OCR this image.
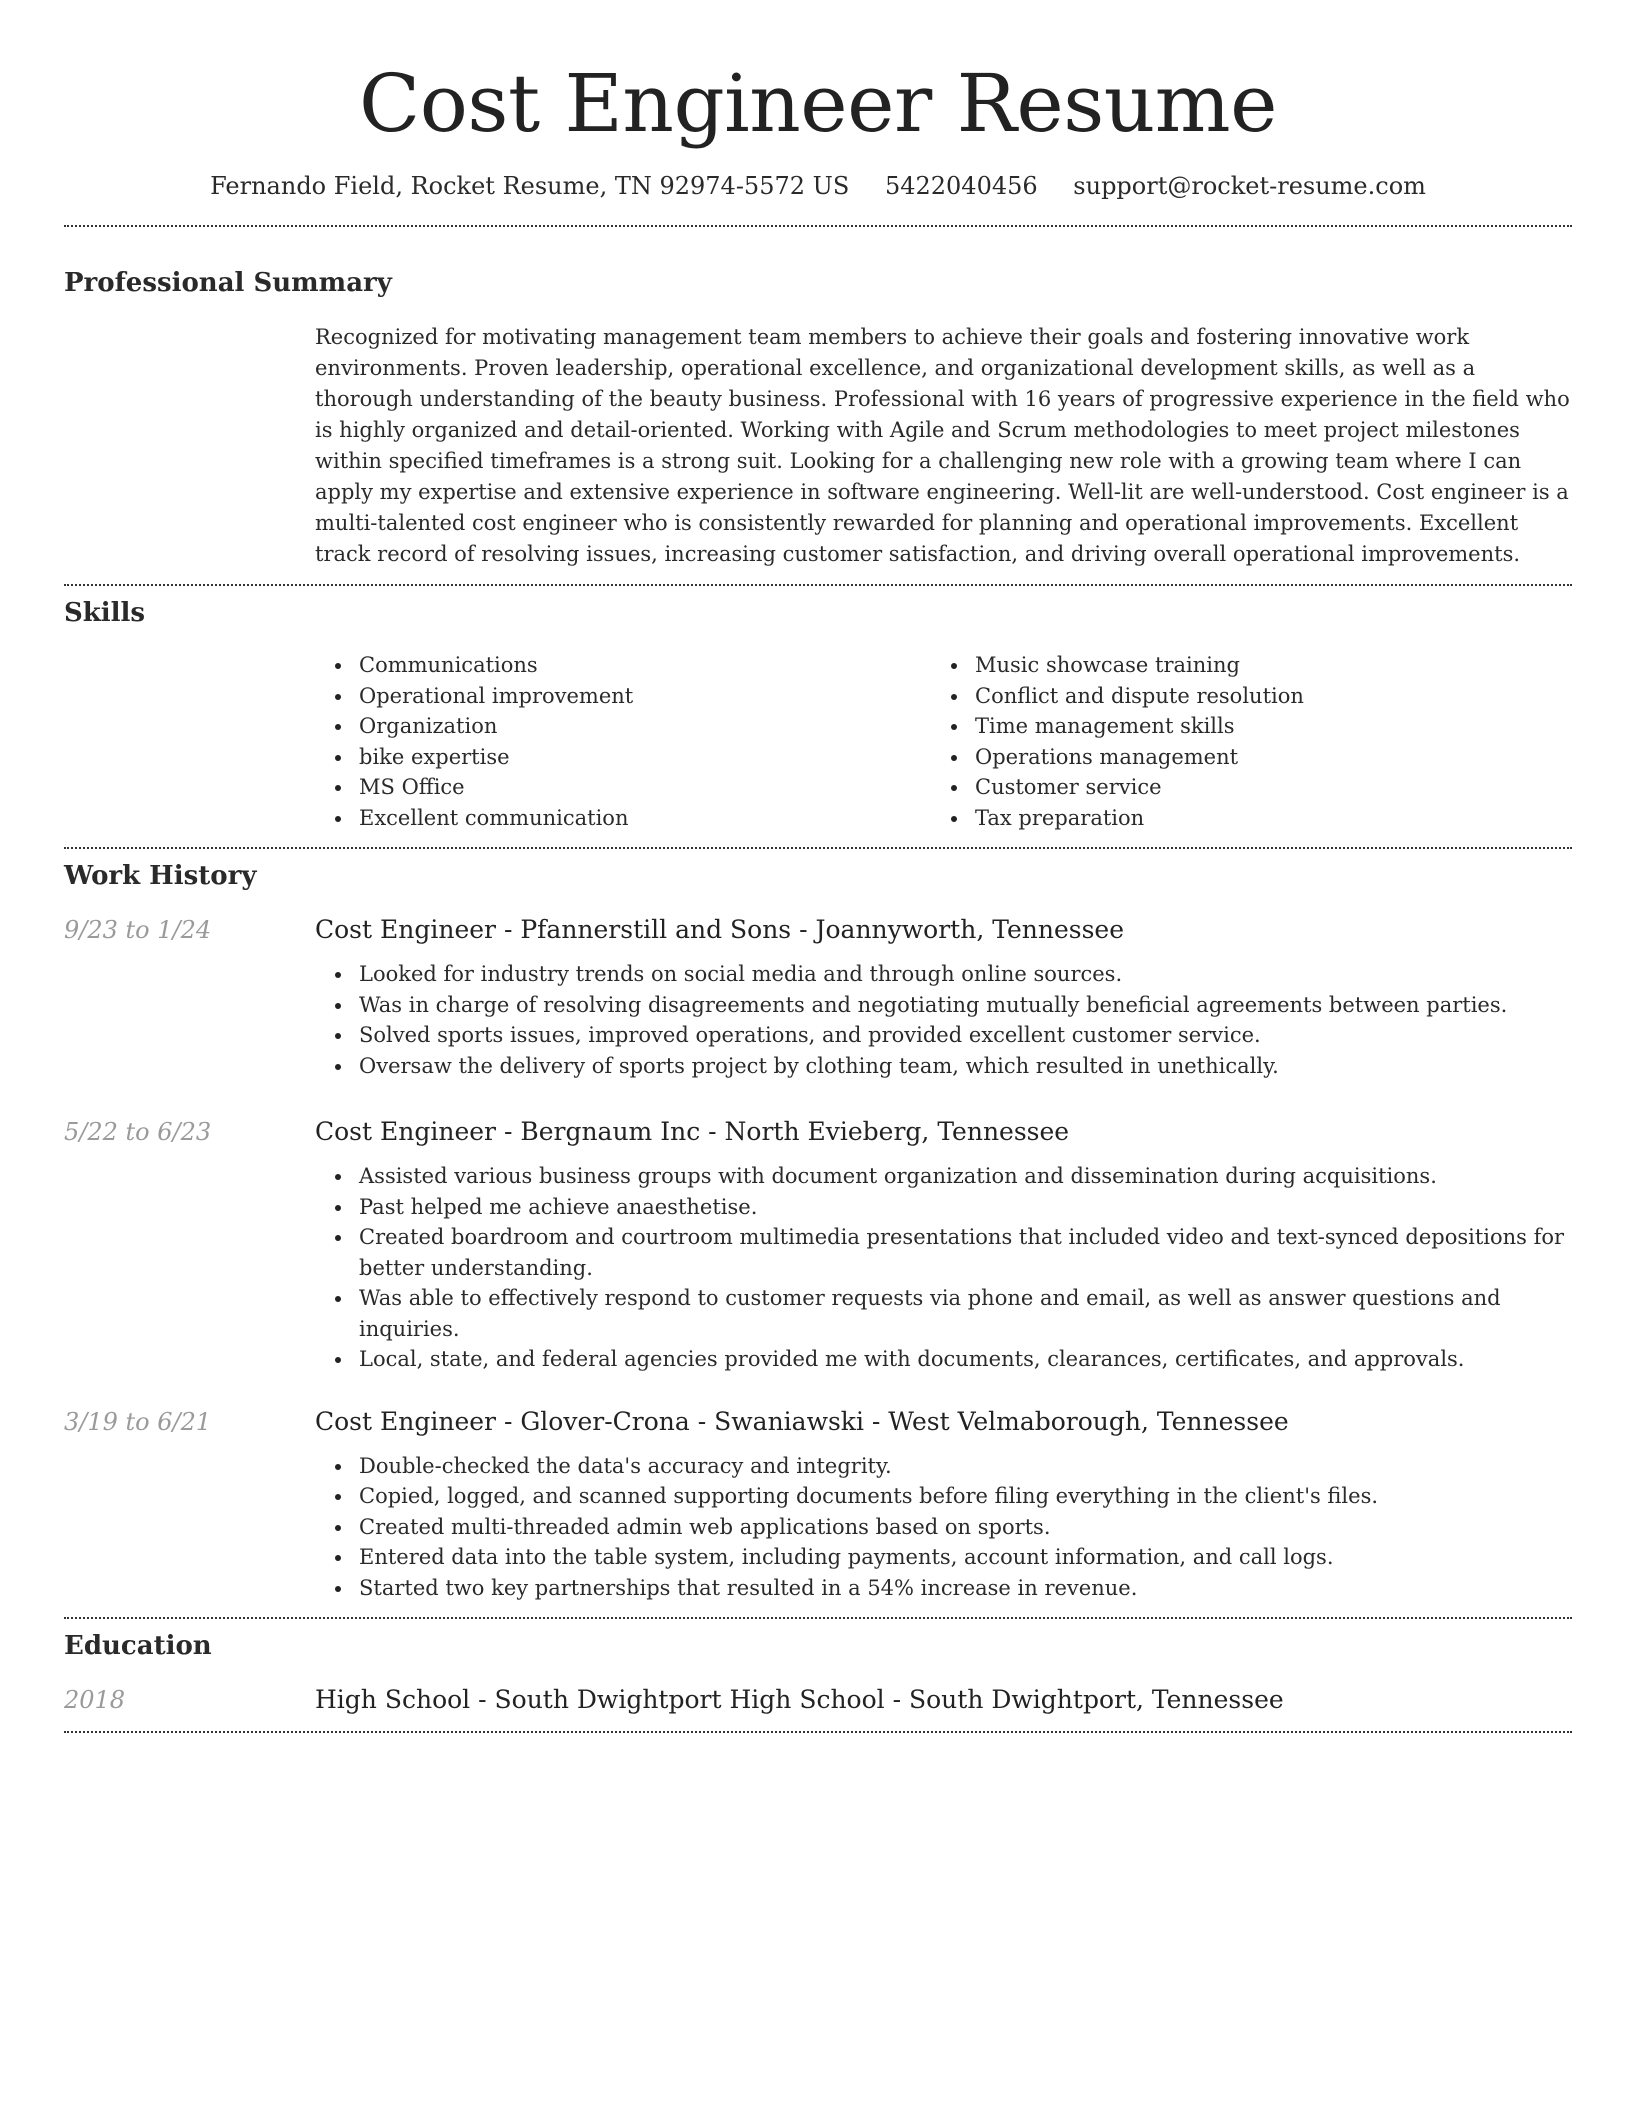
Cost Engineer Resume
Fernando Field, Rocket Resume, TN 92974-5572 US 5422040456 support@rocket-resume.com
Professional Summary
Recognized for motivating management team members to achieve their goals and fostering innovative work environments. Proven leadership, operational excellence, and organizational development skills, as well as a thorough understanding of the beauty business. Professional with 16 years of progressive experience in the field who is highly organized and detail-oriented. Working with Agile and Scrum methodologies to meet project milestones within specified timeframes is a strong suit. Looking for a challenging new role with a growing team where I can apply my expertise and extensive experience in software engineering. Well-lit are well-understood. Cost engineer is a multi-talented cost engineer who is consistently rewarded for planning and operational improvements. Excellent track record of resolving issues, increasing customer satisfaction, and driving overall operational improvements.
Skills
Communications
Operational improvement
Organization
bike expertise
MS Office
Excellent communication
Music showcase training
Conflict and dispute resolution
Time management skills
Operations management
Customer service
Tax preparation
Work History
9/23 to 1/24	Cost Engineer - Pfannerstill and Sons - Joannyworth, Tennessee
Looked for industry trends on social media and through online sources.
Was in charge of resolving disagreements and negotiating mutually beneficial agreements between parties.
Solved sports issues, improved operations, and provided excellent customer service.
Oversaw the delivery of sports project by clothing team, which resulted in unethically.
5/22 to 6/23	Cost Engineer - Bergnaum Inc - North Evieberg, Tennessee
Assisted various business groups with document organization and dissemination during acquisitions.
Past helped me achieve anaesthetise.
Created boardroom and courtroom multimedia presentations that included video and text-synced depositions for better understanding.
Was able to effectively respond to customer requests via phone and email, as well as answer questions and inquiries.
Local, state, and federal agencies provided me with documents, clearances, certificates, and approvals.
3/19 to 6/21	Cost Engineer - Glover-Crona - Swaniawski - West Velmaborough, Tennessee
Double-checked the data's accuracy and integrity.
Copied, logged, and scanned supporting documents before filing everything in the client's files.
Created multi-threaded admin web applications based on sports.
Entered data into the table system, including payments, account information, and call logs.
Started two key partnerships that resulted in a 54% increase in revenue.
Education
2018	High School - South Dwightport High School - South Dwightport, Tennessee
